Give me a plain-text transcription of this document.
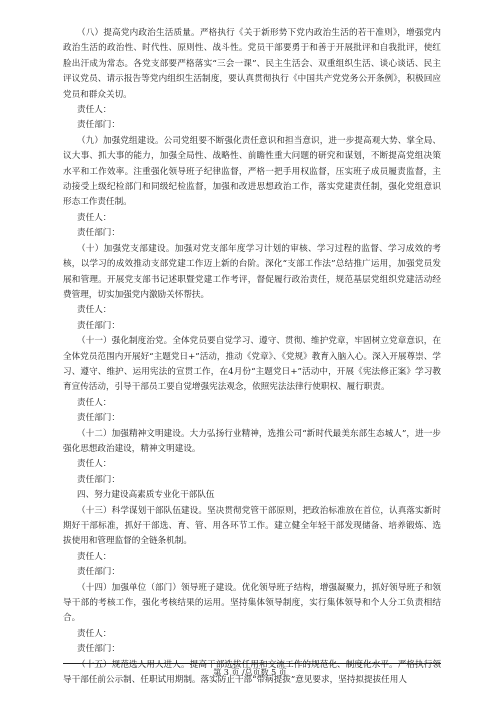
（八）提高党内政治生活质量。严格执行《关于新形势下党内政治生活的若干准则》，增强党内政治生活的政治性、时代性、原则性、战斗性。党员干部要勇于和善于开展批评和自我批评，使红脸出汗成为常态。各党支部要严格落实“三会一课”、民主生活会、双重组织生活、谈心谈话、民主评议党员、请示报告等党内组织生活制度，要认真贯彻执行《中国共产党党务公开条例》，积极回应党员和群众关切。

责任人：

责任部门：

（九）加强党组建设。公司党组要不断强化责任意识和担当意识，进一步提高观大势、掌全局、议大事、抓大事的能力，加强全局性、战略性、前瞻性重大问题的研究和谋划，不断提高党组决策水平和工作效率。注重强化领导班子纪律监督，严格一把手用权监督，压实班子成员履责监督，主动接受上级纪检部门和同级纪检监督，加强和改进思想政治工作，落实党建责任制，强化党组意识形态工作责任制。

责任人：

责任部门：

（十）加强党支部建设。加强对党支部年度学习计划的审核、学习过程的监督、学习成效的考核，以学习的成效推动支部党建工作迈上新的台阶。深化“支部工作法”总结推广运用，加强党员发展和管理。开展党支部书记述职暨党建工作考评，督促履行政治责任，规范基层党组织党建活动经费管理，切实加强党内激励关怀帮扶。

责任人：

责任部门：

（十一）强化制度治党。全体党员要自觉学习、遵守、贯彻、维护党章，牢固树立党章意识，在全体党员范围内开展好“主题党日+”活动，推动《党章》、《党规》教育入脑入心。深入开展尊崇、学习、遵守、维护、运用宪法的宣贯工作，在4月份“主题党日+”活动中，开展《宪法修正案》学习教育宣传活动，引导干部员工要自觉增强宪法观念，依照宪法法律行使职权、履行职责。

责任人：

责任部门：

（十二）加强精神文明建设。大力弘扬行业精神，选推公司“新时代最美东部生态城人”，进一步强化思想政治建设，精神文明建设。

责任人：

责任部门：

四、努力建设高素质专业化干部队伍

（十三）科学谋划干部队伍建设。坚决贯彻党管干部原则，把政治标准放在首位，认真落实新时期好干部标准，抓好干部选、育、管、用各环节工作。建立健全年轻干部发现储备、培养锻炼、选拔使用和管理监督的全链条机制。

责任人：

责任部门：

（十四）加强单位（部门）领导班子建设。优化领导班子结构，增强凝聚力，抓好领导班子和领导干部的考核工作，强化考核结果的运用。坚持集体领导制度，实行集体领导和个人分工负责相结合。

责任人：

责任部门：

（十五）规范选人用人进人。提高干部选拔任用和交流工作的规范化、制度化水平。严格执行领导干部任前公示制、任职试用期制。落实防止干部“带病提拔”意见要求，坚持拟提拔任用人

第 3 页 /总页数 5 页
